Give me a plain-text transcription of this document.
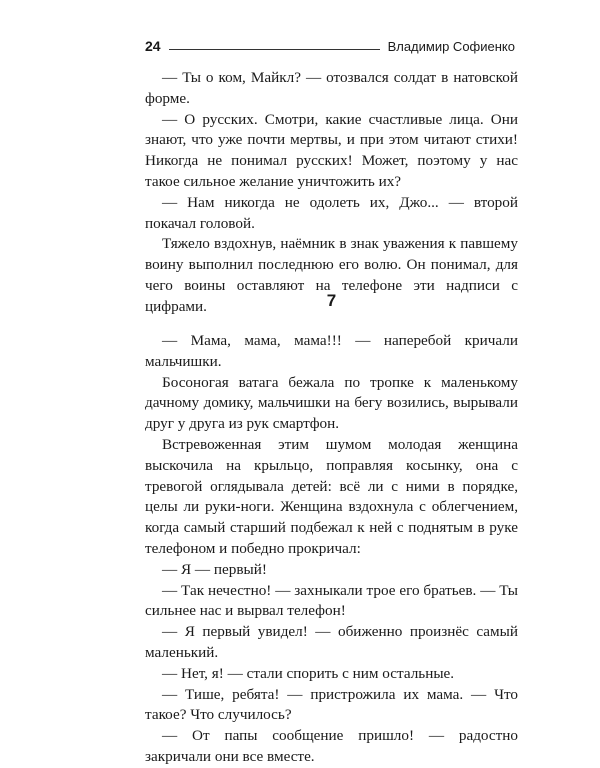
24	Владимир Софиенко

— Ты о ком, Майкл? — отозвался солдат в натовской форме.

— О русских. Смотри, какие счастливые лица. Они знают, что уже почти мертвы, и при этом читают стихи! Никогда не понимал русских! Может, поэтому у нас такое сильное желание уничтожить их?

— Нам никогда не одолеть их, Джо... — второй покачал головой.

Тяжело вздохнув, наёмник в знак уважения к павшему воину выполнил последнюю его волю. Он понимал, для чего воины оставляют на телефоне эти надписи с цифрами.	7

— Мама, мама, мама!!! — наперебой кричали мальчишки.

Босоногая ватага бежала по тропке к маленькому дачному домику, мальчишки на бегу возились, вырывали друг у друга из рук смартфон.

Встревоженная этим шумом молодая женщина выскочила на крыльцо, поправляя косынку, она с тревогой оглядывала детей: всё ли с ними в порядке, целы ли руки-ноги. Женщина вздохнула с облегчением, когда самый старший подбежал к ней с поднятым в руке телефоном и победно прокричал:

— Я — первый!

— Так нечестно! — захныкали трое его братьев. — Ты сильнее нас и вырвал телефон!

— Я первый увидел! — обиженно произнёс самый маленький.

— Нет, я! — стали спорить с ним остальные.

— Тише, ребята! — пристрожила их мама. — Что такое? Что случилось?

— От папы сообщение пришло! — радостно закричали они все вместе.
